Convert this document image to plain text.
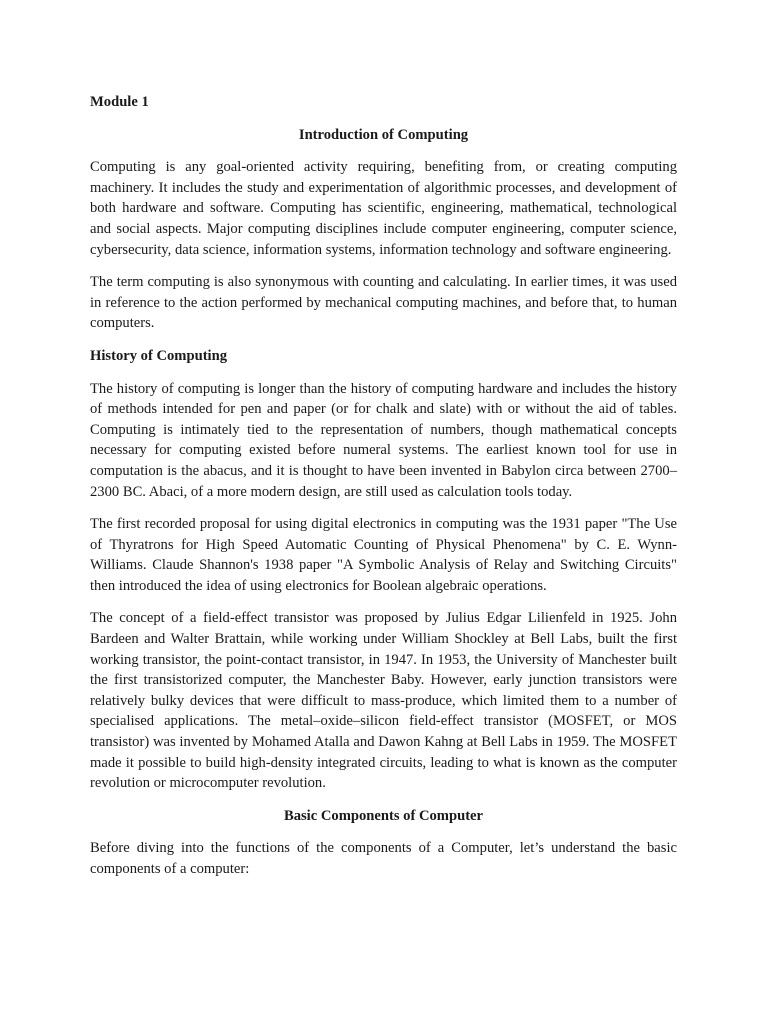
Module 1
Introduction of Computing

Computing is any goal-oriented activity requiring, benefiting from, or creating computing machinery. It includes the study and experimentation of algorithmic processes, and development of both hardware and software. Computing has scientific, engineering, mathematical, technological and social aspects. Major computing disciplines include computer engineering, computer science, cybersecurity, data science, information systems, information technology and software engineering.

The term computing is also synonymous with counting and calculating. In earlier times, it was used in reference to the action performed by mechanical computing machines, and before that, to human computers.

History of Computing

The history of computing is longer than the history of computing hardware and includes the history of methods intended for pen and paper (or for chalk and slate) with or without the aid of tables. Computing is intimately tied to the representation of numbers, though mathematical concepts necessary for computing existed before numeral systems. The earliest known tool for use in computation is the abacus, and it is thought to have been invented in Babylon circa between 2700–2300 BC. Abaci, of a more modern design, are still used as calculation tools today.

The first recorded proposal for using digital electronics in computing was the 1931 paper "The Use of Thyratrons for High Speed Automatic Counting of Physical Phenomena" by C. E. Wynn-Williams. Claude Shannon's 1938 paper "A Symbolic Analysis of Relay and Switching Circuits" then introduced the idea of using electronics for Boolean algebraic operations.

The concept of a field-effect transistor was proposed by Julius Edgar Lilienfeld in 1925. John Bardeen and Walter Brattain, while working under William Shockley at Bell Labs, built the first working transistor, the point-contact transistor, in 1947. In 1953, the University of Manchester built the first transistorized computer, the Manchester Baby. However, early junction transistors were relatively bulky devices that were difficult to mass-produce, which limited them to a number of specialised applications. The metal–oxide–silicon field-effect transistor (MOSFET, or MOS transistor) was invented by Mohamed Atalla and Dawon Kahng at Bell Labs in 1959. The MOSFET made it possible to build high-density integrated circuits, leading to what is known as the computer revolution or microcomputer revolution.

Basic Components of Computer

Before diving into the functions of the components of a Computer, let’s understand the basic components of a computer:
